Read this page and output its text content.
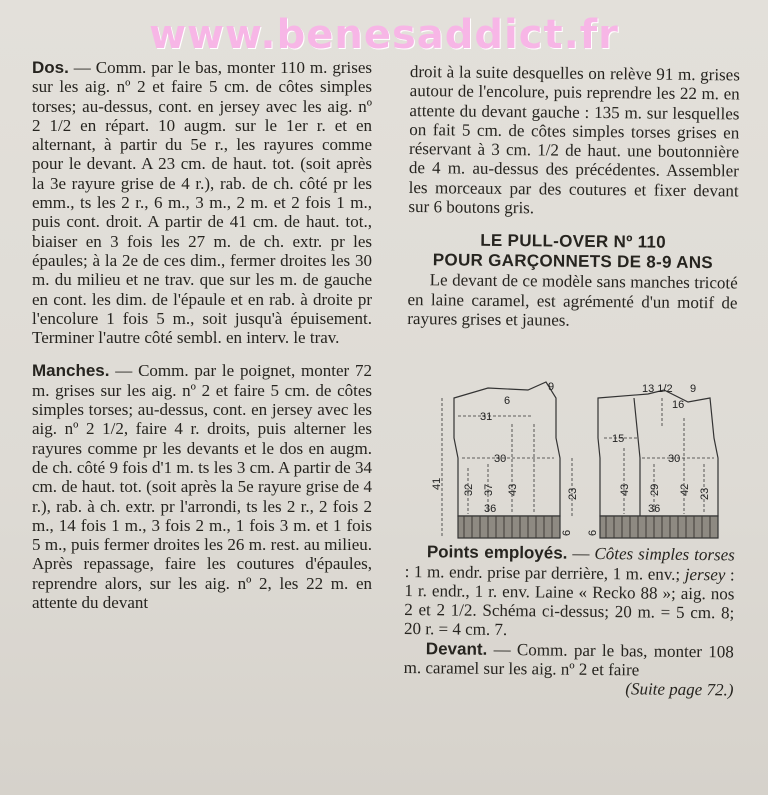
www.benesaddict.fr

Dos. — Comm. par le bas, monter 110 m. grises sur les aig. nº 2 et faire 5 cm. de côtes simples torses; au-dessus, cont. en jersey avec les aig. nº 2 1/2 en répart. 10 augm. sur le 1er r. et en alternant, à partir du 5e r., les rayures comme pour le devant. A 23 cm. de haut. tot. (soit après la 3e rayure grise de 4 r.), rab. de ch. côté pr les emm., ts les 2 r., 6 m., 3 m., 2 m. et 2 fois 1 m., puis cont. droit. A partir de 41 cm. de haut. tot., biaiser en 3 fois les 27 m. de ch. extr. pr les épaules; à la 2e de ces dim., fermer droites les 30 m. du milieu et ne trav. que sur les m. de gauche en cont. les dim. de l'épaule et en rab. à droite pr l'encolure 1 fois 5 m., soit jusqu'à épuisement. Terminer l'autre côté sembl. en interv. le trav.

Manches. — Comm. par le poignet, monter 72 m. grises sur les aig. nº 2 et faire 5 cm. de côtes simples torses; au-dessus, cont. en jersey avec les aig. nº 2 1/2, faire 4 r. droits, puis alterner les rayures comme pr les devants et le dos en augm. de ch. côté 9 fois d'1 m. ts les 3 cm. A partir de 34 cm. de haut. tot. (soit après la 5e rayure grise de 4 r.), rab. à ch. extr. pr l'arrondi, ts les 2 r., 2 fois 2 m., 14 fois 1 m., 3 fois 2 m., 1 fois 3 m. et 1 fois 5 m., puis fermer droites les 26 m. rest. au milieu. Après repassage, faire les coutures d'épaules, reprendre alors, sur les aig. nº 2, les 22 m. en attente du devant

droit à la suite desquelles on relève 91 m. grises autour de l'encolure, puis reprendre les 22 m. en attente du devant gauche : 135 m. sur lesquelles on fait 5 cm. de côtes simples torses grises en réservant à 3 cm. 1/2 de haut. une boutonnière de 4 m. au-dessus des précédentes. Assembler les morceaux par des coutures et fixer devant sur 6 boutons gris.

LE PULL-OVER Nº 110
POUR GARÇONNETS DE 8-9 ANS

Le devant de ce modèle sans manches tricoté en laine caramel, est agrémenté d'un motif de rayures grises et jaunes.

Points employés. — Côtes simples torses : 1 m. endr. prise par derrière, 1 m. env.; jersey : 1 r. endr., 1 r. env. Laine « Recko 88 »; aig. nos 2 et 2 1/2. Schéma ci-dessus; 20 m. = 5 cm. 8; 20 r. = 4 cm. 7.

Devant. — Comm. par le bas, monter 108 m. caramel sur les aig. nº 2 et faire

(Suite page 72.)

31
6
9
30
36
32 37 43
41
23
6
13 1/2 9
16
15
30
36
43 29 42 23
6
